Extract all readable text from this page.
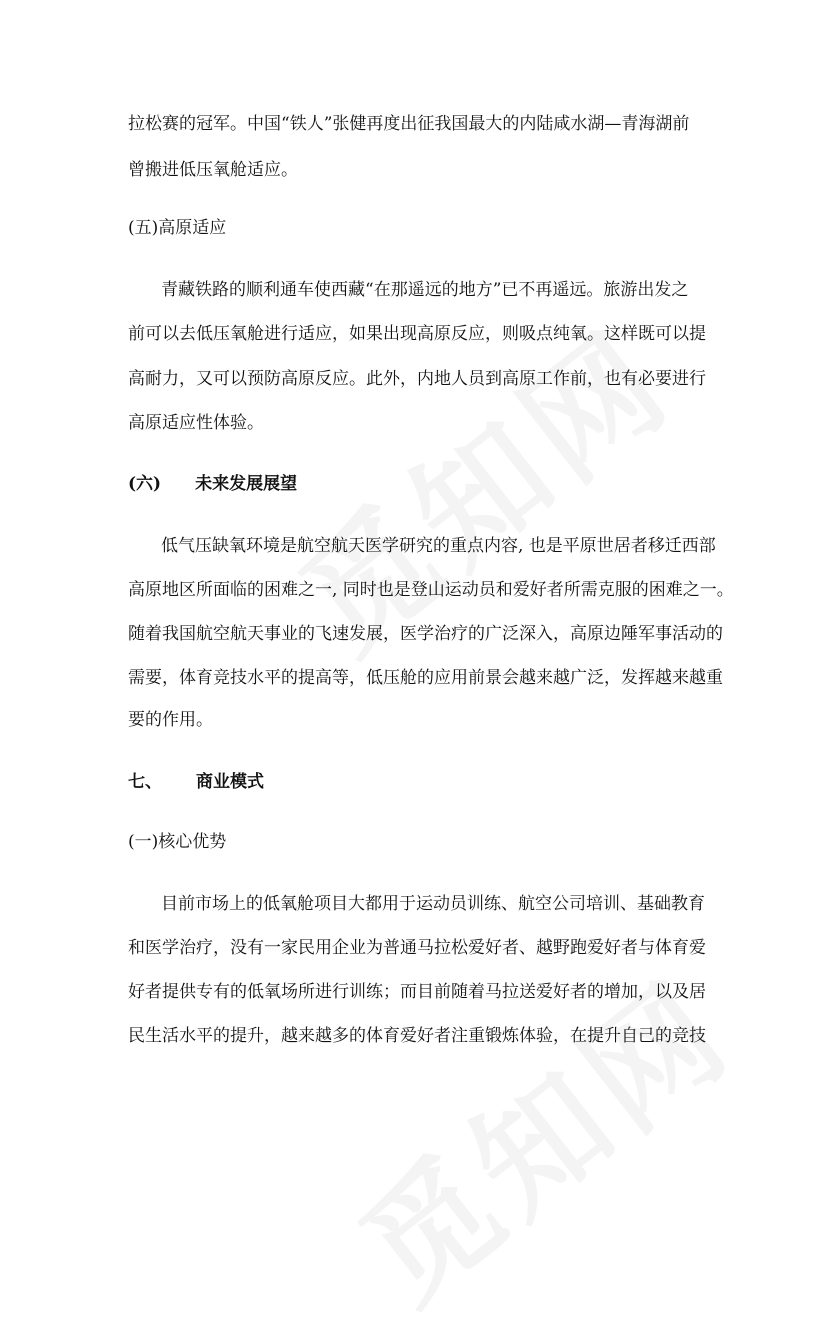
拉松赛的冠军。中国“铁人”张健再度出征我国最大的内陆咸水湖—青海湖前
曾搬进低压氧舱适应。
(五)高原适应
青藏铁路的顺利通车使西藏“在那遥远的地方”已不再遥远。旅游出发之
前可以去低压氧舱进行适应，如果出现高原反应，则吸点纯氧。这样既可以提
高耐力，又可以预防高原反应。此外，内地人员到高原工作前，也有必要进行
高原适应性体验。
(六) 未来发展展望
低气压缺氧环境是航空航天医学研究的重点内容, 也是平原世居者移迁西部
高原地区所面临的困难之一, 同时也是登山运动员和爱好者所需克服的困难之一。
随着我国航空航天事业的飞速发展，医学治疗的广泛深入，高原边陲军事活动的
需要，体育竞技水平的提高等，低压舱的应用前景会越来越广泛，发挥越来越重
要的作用。
七、 商业模式
(一)核心优势
目前市场上的低氧舱项目大都用于运动员训练、航空公司培训、基础教育
和医学治疗，没有一家民用企业为普通马拉松爱好者、越野跑爱好者与体育爱
好者提供专有的低氧场所进行训练；而目前随着马拉送爱好者的增加，以及居
民生活水平的提升，越来越多的体育爱好者注重锻炼体验，在提升自己的竞技
